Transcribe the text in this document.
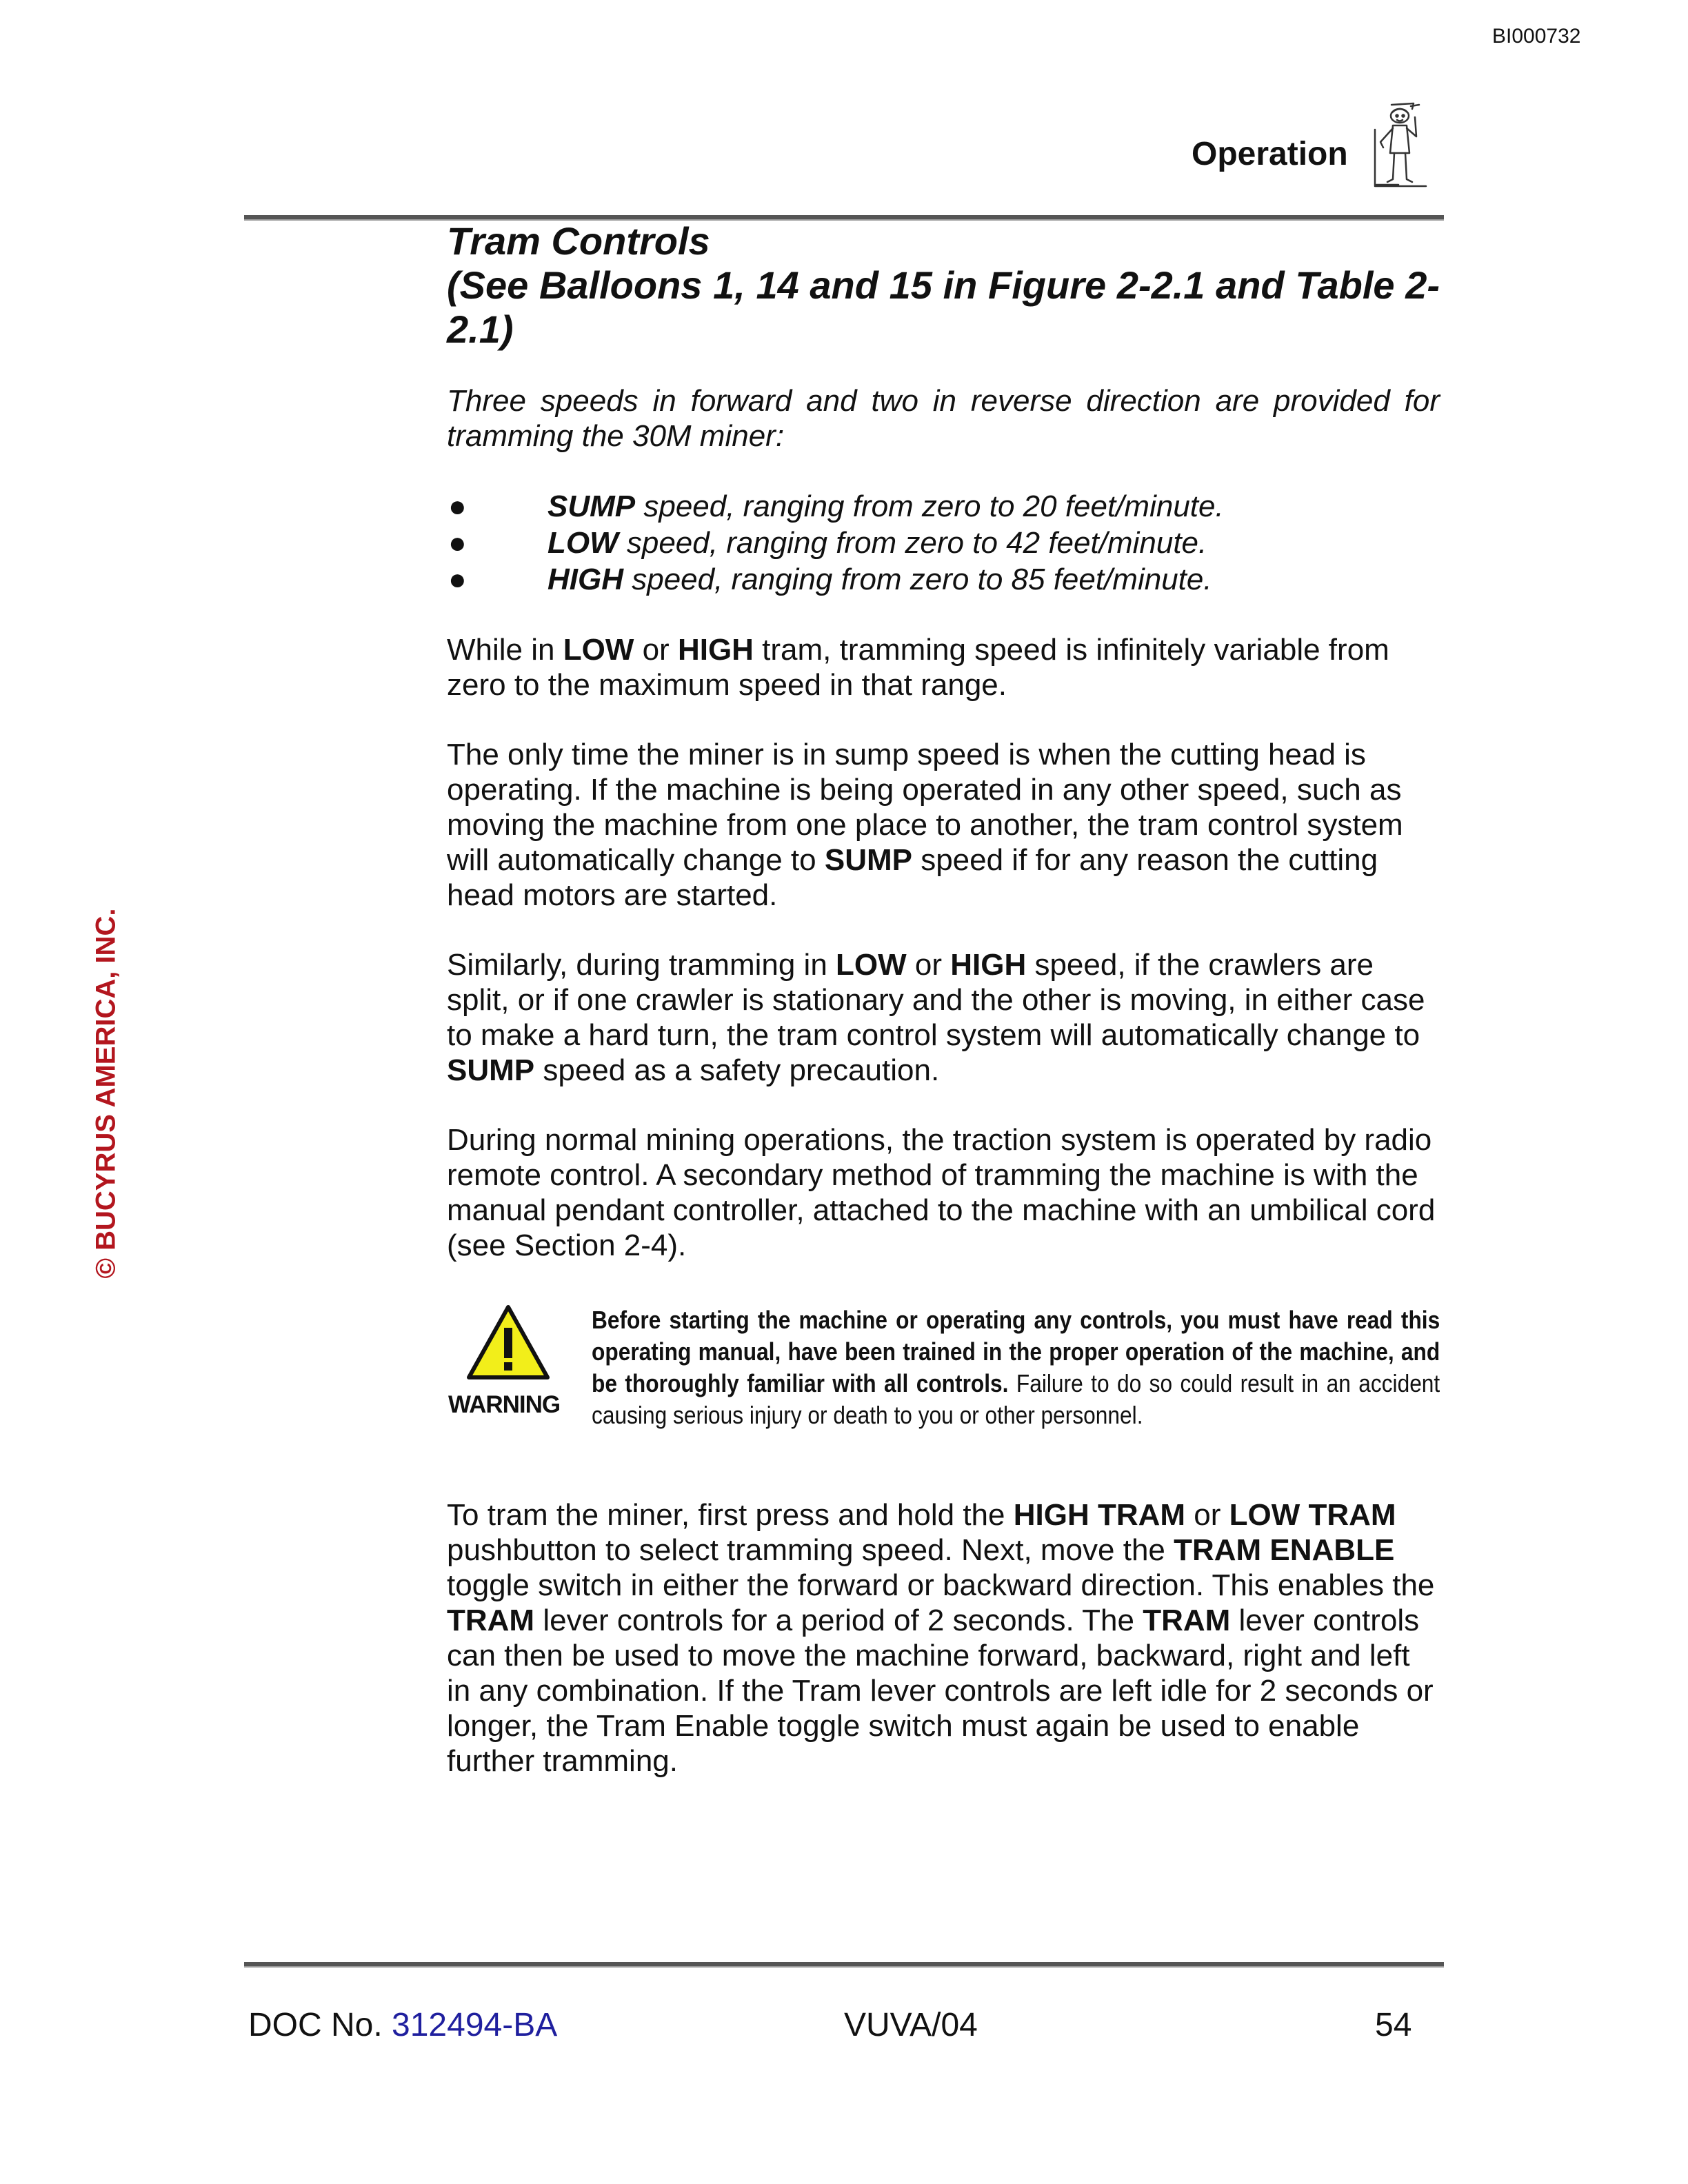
BI000732
Operation
© BUCYRUS AMERICA, INC.
Tram Controls
(See Balloons 1, 14 and 15 in Figure 2-2.1 and Table 2-2.1)

Three speeds in forward and two in reverse direction are provided for tramming the 30M miner:

●	SUMP speed, ranging from zero to 20 feet/minute.
●	LOW speed, ranging from zero to 42 feet/minute.
●	HIGH speed, ranging from zero to 85 feet/minute.

While in LOW or HIGH tram, tramming speed is infinitely variable from zero to the maximum speed in that range.

The only time the miner is in sump speed is when the cutting head is operating. If the machine is being operated in any other speed, such as moving the machine from one place to another, the tram control system will automatically change to SUMP speed if for any reason the cutting head motors are started.

Similarly, during tramming in LOW or HIGH speed, if the crawlers are split, or if one crawler is stationary and the other is moving, in either case to make a hard turn, the tram control system will automatically change to SUMP speed as a safety precaution.

During normal mining operations, the traction system is operated by radio remote control. A secondary method of tramming the machine is with the manual pendant controller, attached to the machine with an umbilical cord (see Section 2-4).

WARNING
Before starting the machine or operating any controls, you must have read this operating manual, have been trained in the proper operation of the machine, and be thoroughly familiar with all controls. Failure to do so could result in an accident causing serious injury or death to you or other personnel.

To tram the miner, first press and hold the HIGH TRAM or LOW TRAM pushbutton to select tramming speed. Next, move the TRAM ENABLE toggle switch in either the forward or backward direction. This enables the TRAM lever controls for a period of 2 seconds. The TRAM lever controls can then be used to move the machine forward, backward, right and left in any combination. If the Tram lever controls are left idle for 2 seconds or longer, the Tram Enable toggle switch must again be used to enable further tramming.

DOC No. 312494-BA	VUVA/04	54
